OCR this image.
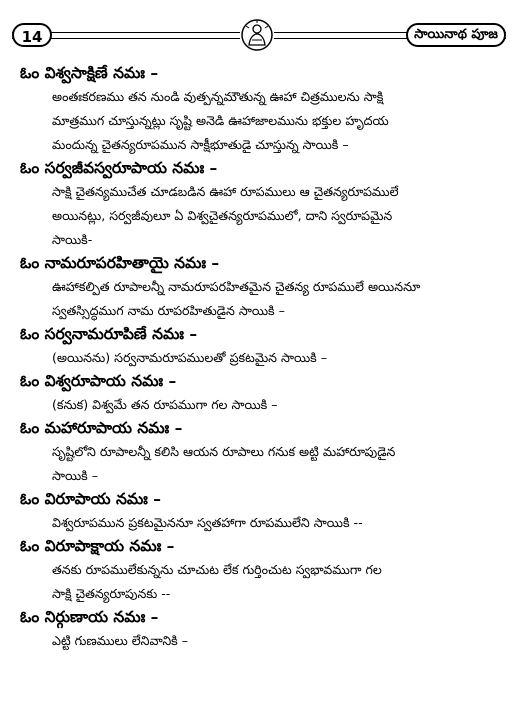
14	సాయినాథ పూజ

ఓం విశ్వసాక్షిణే నమః –

అంతఃకరణము తన నుండి వుత్పన్నమౌతున్న ఊహా చిత్రములను సాక్షి
మాత్రముగ చూస్తున్నట్లు సృష్టి అనెడి ఊహాజాలమును భక్తుల హృదయ
మందున్న చైతన్యరూపమున సాక్షీభూతుడై చూస్తున్న సాయికి –

ఓం సర్వజీవస్వరూపాయ నమః –

సాక్షి చైతన్యముచేత చూడబడిన ఊహా రూపములు ఆ చైతన్యరూపములే
అయినట్లు, సర్వజీవులూ ఏ విశ్వచైతన్యరూపములో, దాని స్వరూపమైన
సాయికి-

ఓం నామరూపరహితాయై నమః –

ఊహాకల్పిత రూపాలన్నీ నామరూపరహితమైన చైతన్య రూపములే అయిననూ
స్వతస్సిద్ధముగ నామ రూపరహితుడైన సాయికి –

ఓం సర్వనామరూపిణే నమః –

(అయినను) సర్వనామరూపములతో ప్రకటమైన సాయికి –

ఓం విశ్వరూపాయ నమః –

(కనుక) విశ్వమే తన రూపముగా గల సాయికి –

ఓం మహారూపాయ నమః –

సృష్టిలోని రూపాలన్నీ కలిసి ఆయన రూపాలు గనుక అట్టి మహారూపుడైన
సాయికి –

ఓం విరూపాయ నమః –

విశ్వరూపమున ప్రకటమైననూ స్వతహాగా రూపములేని సాయికి --

ఓం విరూపాక్షాయ నమః –

తనకు రూపములేకున్నను చూచుట లేక గుర్తించుట స్వభావముగా గల
సాక్షి చైతన్యరూపునకు --

ఓం నిర్గుణాయ నమః –

ఎట్టి గుణములు లేనివానికి –
